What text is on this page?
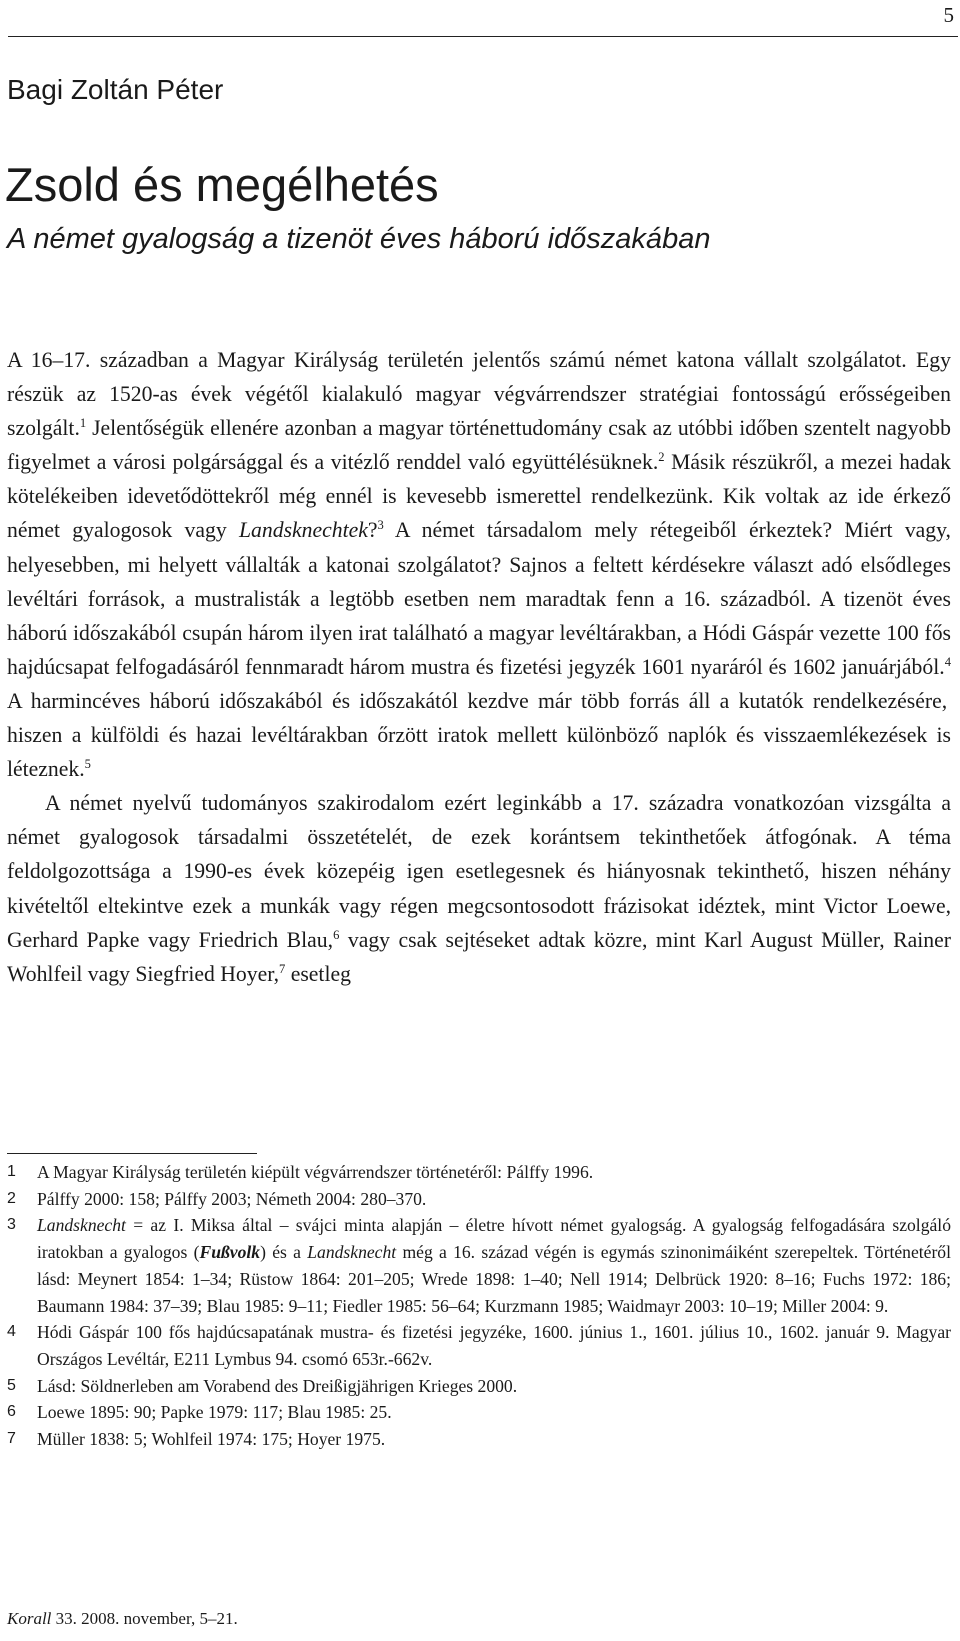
5
Bagi Zoltán Péter
Zsold és megélhetés
A német gyalogság a tizenöt éves háború időszakában

A 16–17. században a Magyar Királyság területén jelentős számú német katona vállalt szolgálatot. Egy részük az 1520-as évek végétől kialakuló magyar végvárrendszer stratégiai fontosságú erősségeiben szolgált.$^1$ Jelentőségük ellenére azonban a magyar történettudomány csak az utóbbi időben szentelt nagyobb figyelmet a városi polgársággal és a vitézlő renddel való együttélésüknek.$^2$ Másik részükről, a mezei hadak kötelékeiben idevetődöttekről még ennél is kevesebb ismerettel rendelkezünk. Kik voltak az ide érkező német gyalogosok vagy Landsknechtek?$^3$ A német társadalom mely rétegeiből érkeztek? Miért vagy, helyesebben, mi helyett vállalták a katonai szolgálatot? Sajnos a feltett kérdésekre választ adó elsődleges levéltári források, a mustralisták a legtöbb esetben nem maradtak fenn a 16. századból. A tizenöt éves háború időszakából csupán három ilyen irat található a magyar levéltárakban, a Hódi Gáspár vezette 100 fős hajdúcsapat felfogadásáról fennmaradt három mustra és fizetési jegyzék 1601 nyaráról és 1602 januárjából.$^4$ A harmincéves háború időszakából és időszakától kezdve már több forrás áll a kutatók rendelkezésére, hiszen a külföldi és hazai levéltárakban őrzött iratok mellett különböző naplók és visszaemlékezések is léteznek.$^5$

A német nyelvű tudományos szakirodalom ezért leginkább a 17. századra vonatkozóan vizsgálta a német gyalogosok társadalmi összetételét, de ezek korántsem tekinthetőek átfogónak. A téma feldolgozottsága a 1990-es évek közepéig igen esetlegesnek és hiányosnak tekinthető, hiszen néhány kivételtől eltekintve ezek a munkák vagy régen megcsontosodott frázisokat idéztek, mint Victor Loewe, Gerhard Papke vagy Friedrich Blau,$^6$ vagy csak sejtéseket adtak közre, mint Karl August Müller, Rainer Wohlfeil vagy Siegfried Hoyer,$^7$ esetleg

1 A Magyar Királyság területén kiépült végvárrendszer történetéről: Pálffy 1996.
2 Pálffy 2000: 158; Pálffy 2003; Németh 2004: 280–370.
3 Landsknecht = az I. Miksa által – svájci minta alapján – életre hívott német gyalogság. A gyalogság felfogadására szolgáló iratokban a gyalogos (Fußvolk) és a Landsknecht még a 16. század végén is egymás szinonimáiként szerepeltek. Történetéről lásd: Meynert 1854: 1–34; Rüstow 1864: 201–205; Wrede 1898: 1–40; Nell 1914; Delbrück 1920: 8–16; Fuchs 1972: 186; Baumann 1984: 37–39; Blau 1985: 9–11; Fiedler 1985: 56–64; Kurzmann 1985; Waidmayr 2003: 10–19; Miller 2004: 9.
4 Hódi Gáspár 100 fős hajdúcsapatának mustra- és fizetési jegyzéke, 1600. június 1., 1601. július 10., 1602. január 9. Magyar Országos Levéltár, E211 Lymbus 94. csomó 653r.-662v.
5 Lásd: Söldnerleben am Vorabend des Dreißigjährigen Krieges 2000.
6 Loewe 1895: 90; Papke 1979: 117; Blau 1985: 25.
7 Müller 1838: 5; Wohlfeil 1974: 175; Hoyer 1975.
Korall 33. 2008. november, 5–21.
